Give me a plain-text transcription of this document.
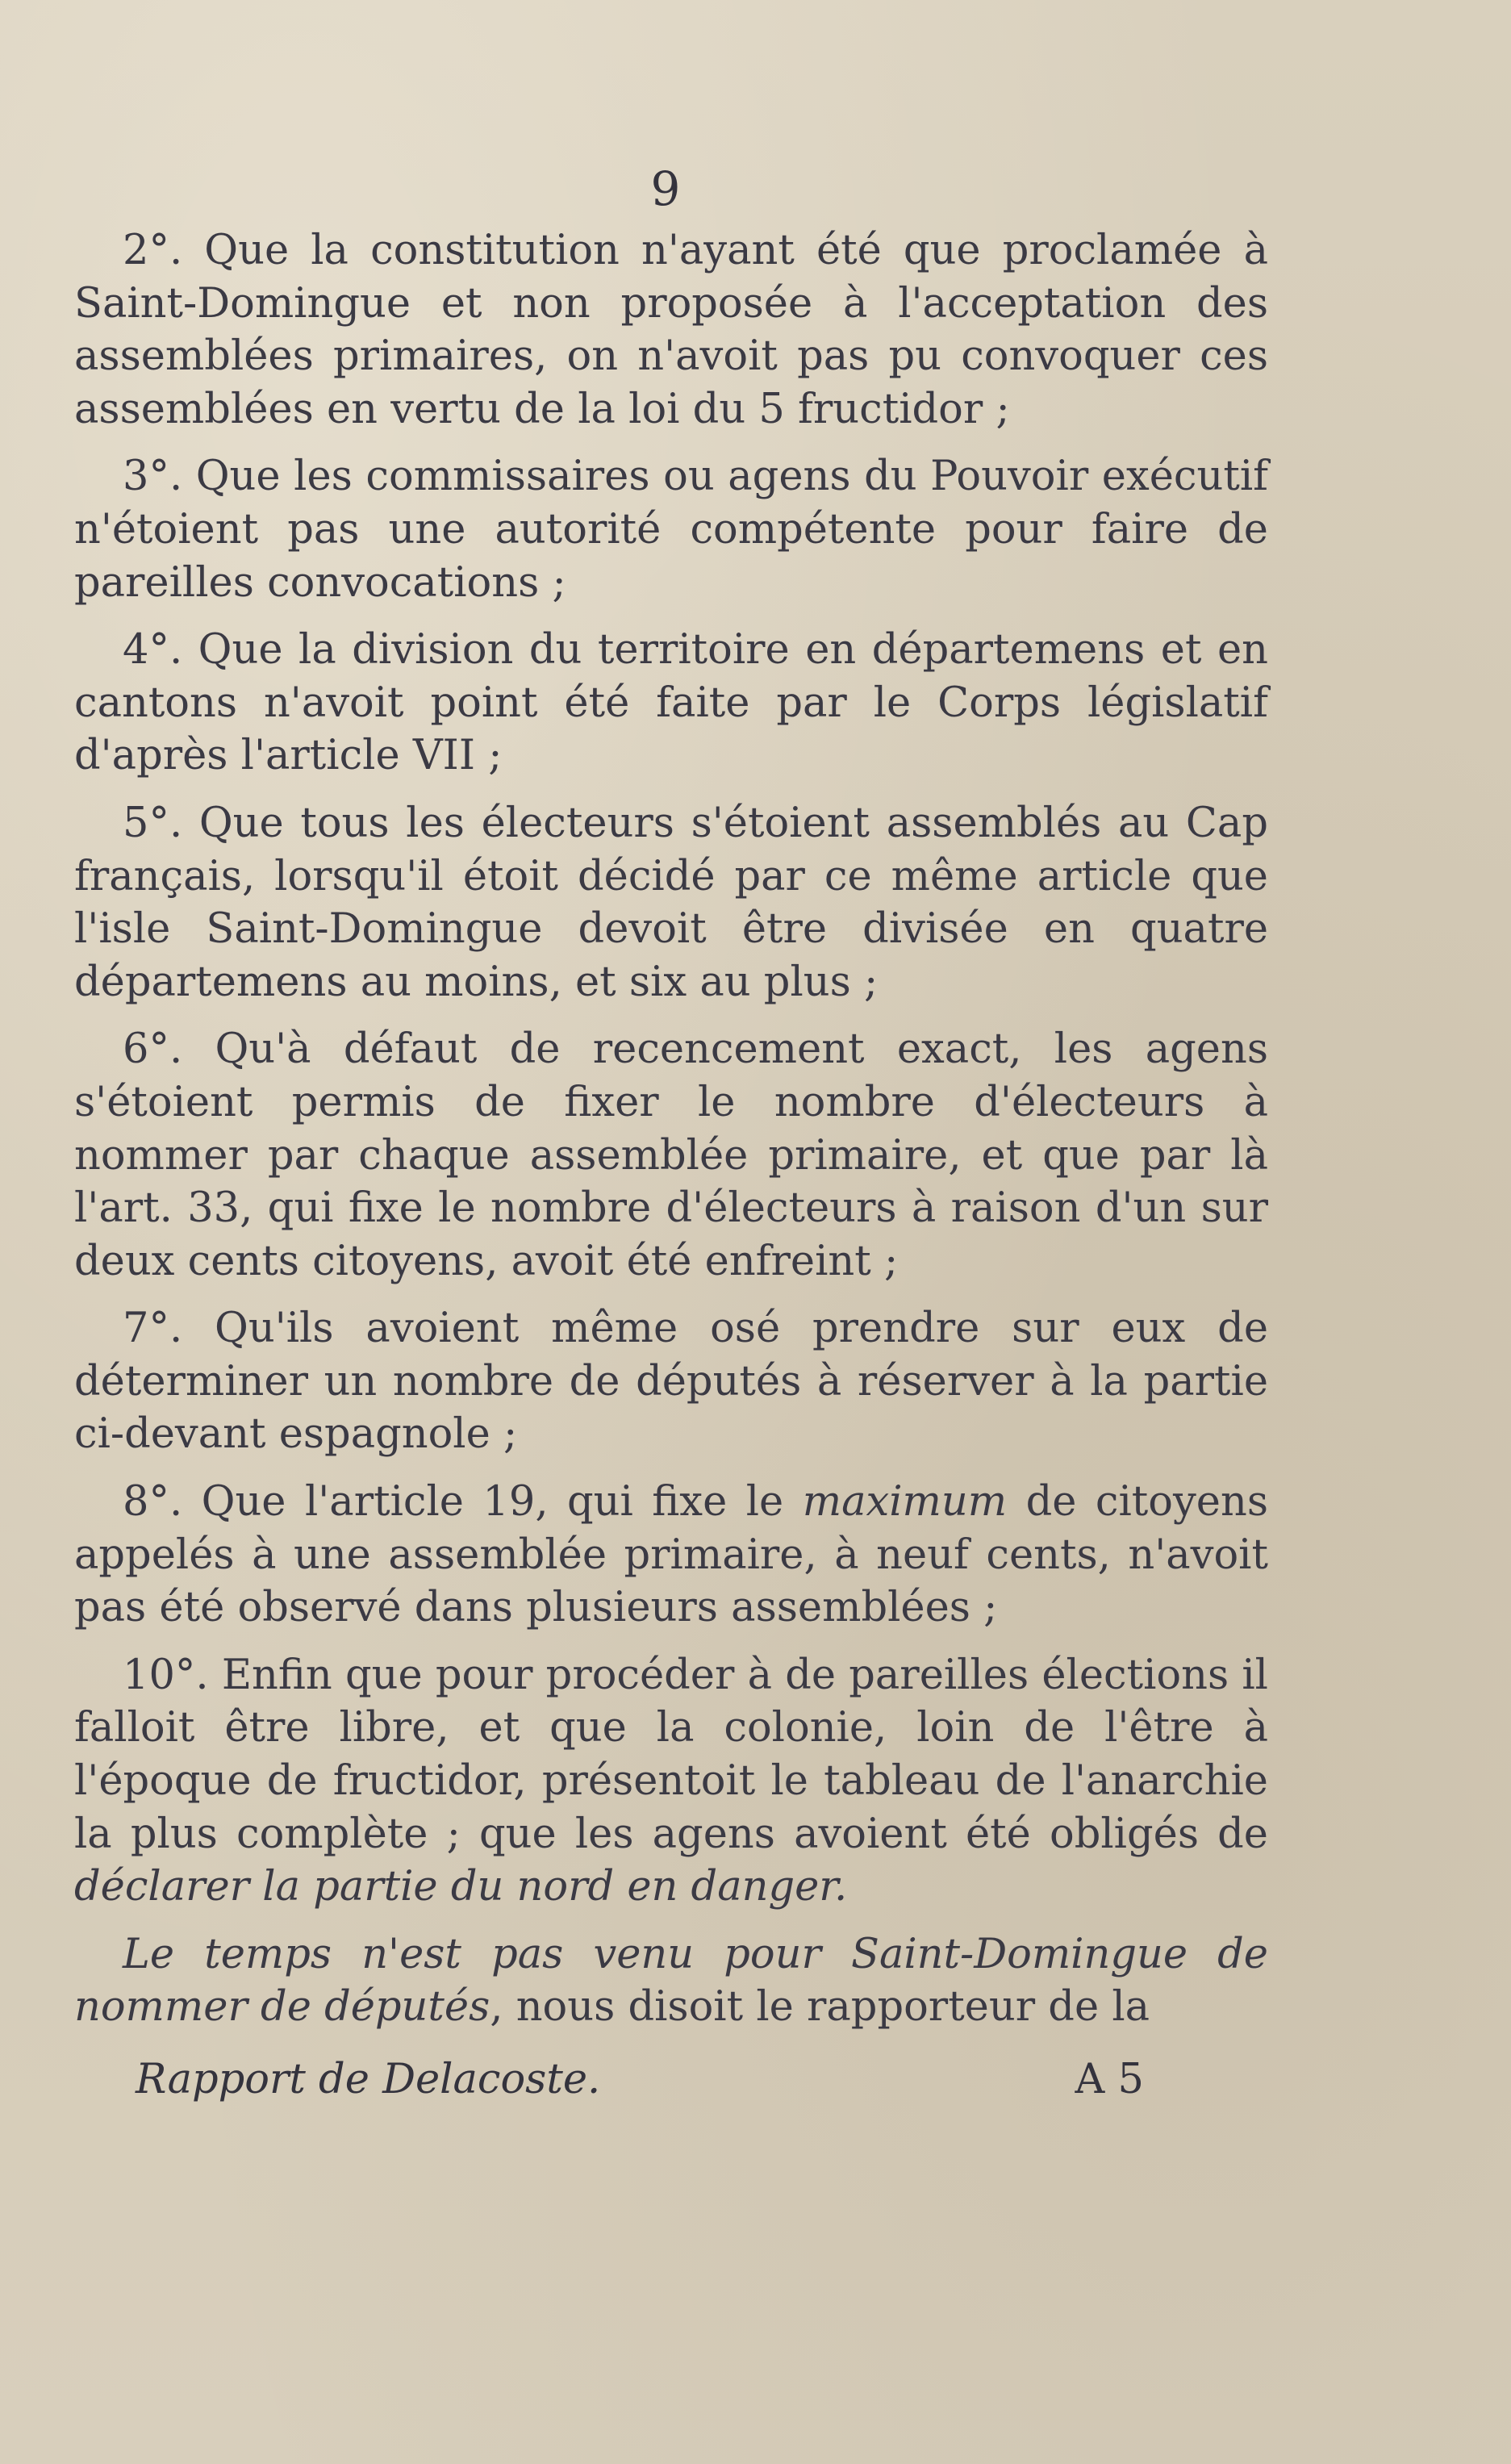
9

2°. Que la constitution n'ayant été que proclamée à Saint-Domingue et non proposée à l'acceptation des assemblées primaires, on n'avoit pas pu convoquer ces assemblées en vertu de la loi du 5 fructidor ;

3°. Que les commissaires ou agens du Pouvoir exécutif n'étoient pas une autorité compétente pour faire de pareilles convocations ;

4°. Que la division du territoire en départemens et en cantons n'avoit point été faite par le Corps législatif d'après l'article VII ;

5°. Que tous les électeurs s'étoient assemblés au Cap français, lorsqu'il étoit décidé par ce même article que l'isle Saint-Domingue devoit être divisée en quatre départemens au moins, et six au plus ;

6°. Qu'à défaut de recencement exact, les agens s'étoient permis de fixer le nombre d'électeurs à nommer par chaque assemblée primaire, et que par là l'art. 33, qui fixe le nombre d'électeurs à raison d'un sur deux cents citoyens, avoit été enfreint ;

7°. Qu'ils avoient même osé prendre sur eux de déterminer un nombre de députés à réserver à la partie ci-devant espagnole ;

8°. Que l'article 19, qui fixe le maximum de citoyens appelés à une assemblée primaire, à neuf cents, n'avoit pas été observé dans plusieurs assemblées ;

10°. Enfin que pour procéder à de pareilles élections il falloit être libre, et que la colonie, loin de l'être à l'époque de fructidor, présentoit le tableau de l'anarchie la plus complète ; que les agens avoient été obligés de déclarer la partie du nord en danger.

Le temps n'est pas venu pour Saint-Domingue de nommer de députés, nous disoit le rapporteur de la

Rapport de Delacoste.	A 5
